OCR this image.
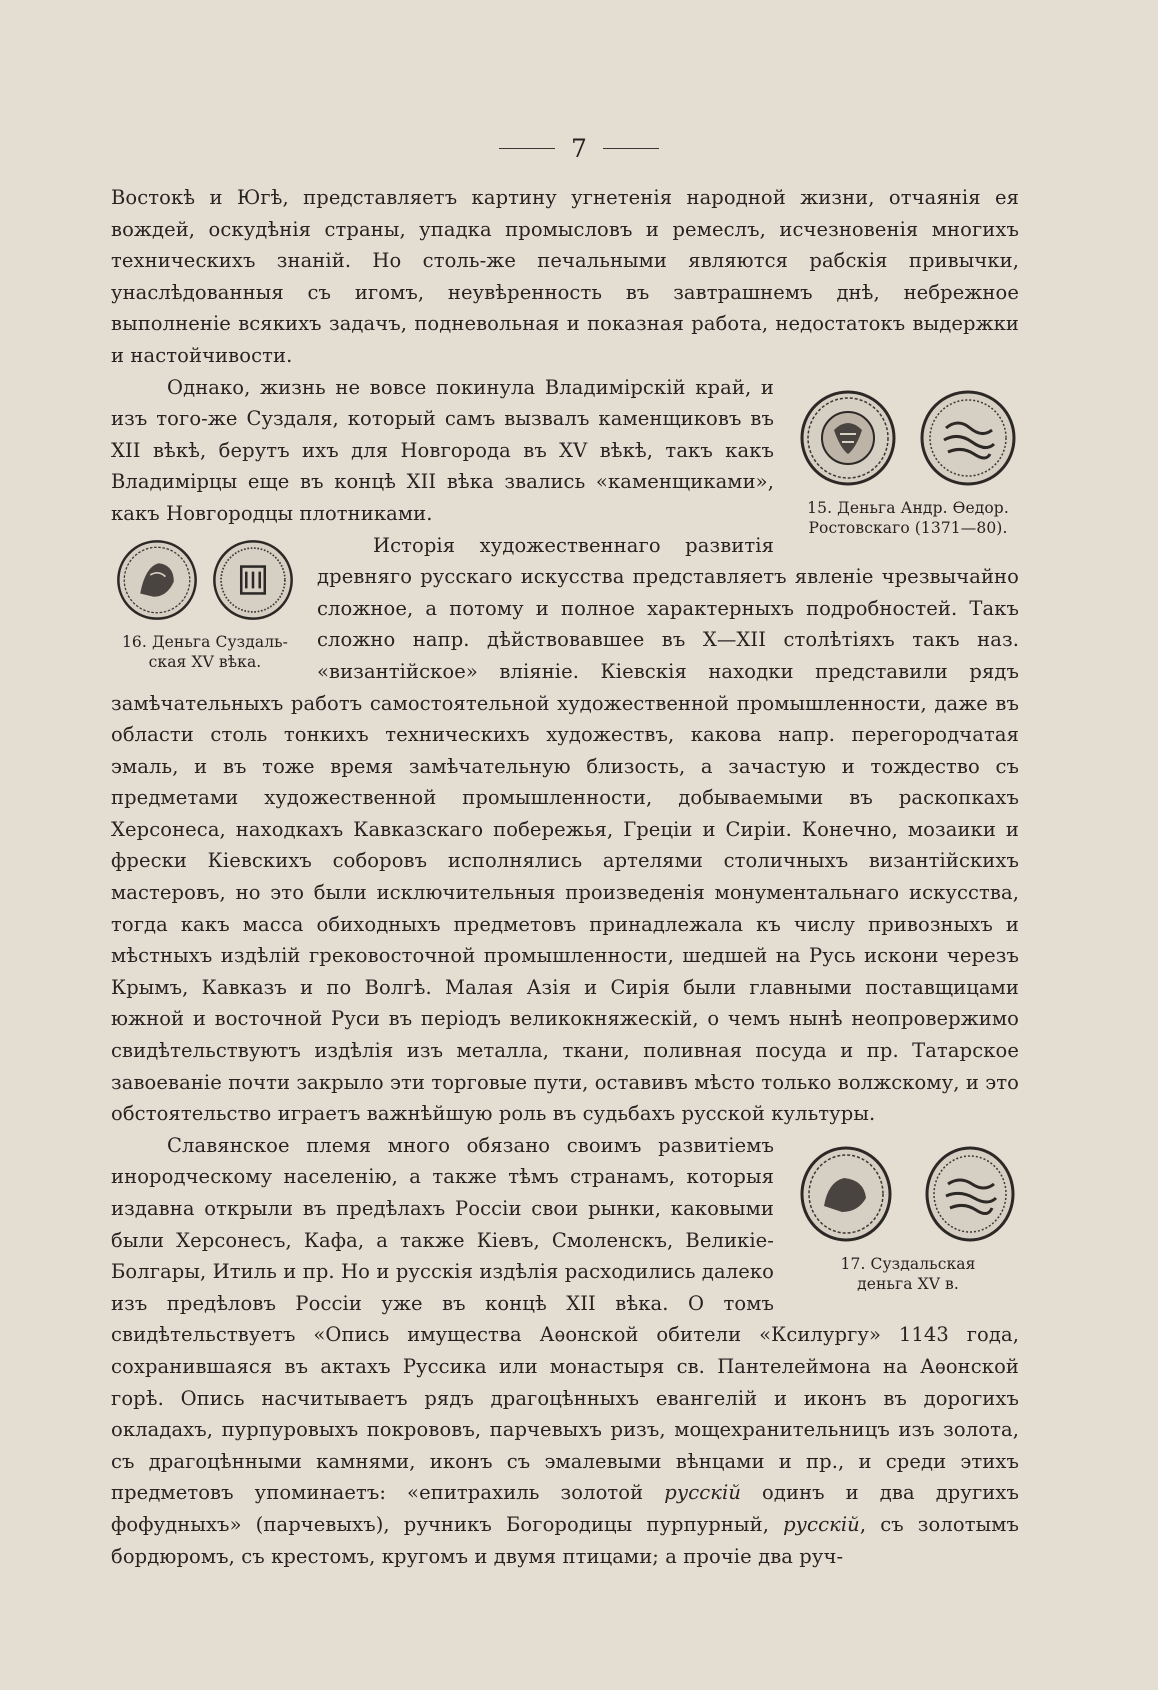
7

Востокѣ и Югѣ, представляетъ картину угнетенія народной жизни, отчаянія ея вождей, оскудѣнія страны, упадка промысловъ и ремеслъ, исчезновенія многихъ техническихъ знаній. Но столь-же печальными являются рабскія привычки, унаслѣдованныя съ игомъ, неувѣренность въ завтрашнемъ днѣ, небрежное выполненіе всякихъ задачъ, подневольная и показная работа, недостатокъ выдержки и настойчивости.

15. Деньга Андр. Ѳедор.
Ростовскаго (1371—80).

Однако, жизнь не вовсе покинула Владимірскій край, и изъ того-же Суздаля, который самъ вызвалъ каменщиковъ въ XII вѣкѣ, берутъ ихъ для Новгорода въ XV вѣкѣ, такъ какъ Владимірцы еще въ концѣ XII вѣка звались «каменщиками», какъ Новгородцы плотниками.

16. Деньга Суздаль-
ская XV вѣка.

Исторія художественнаго развитія древняго русскаго искусства представляетъ явленіе чрезвычайно сложное, а потому и полное характерныхъ подробностей. Такъ сложно напр. дѣйствовавшее въ X—XII столѣтіяхъ такъ наз. «византійское» вліяніе. Кіевскія находки представили рядъ замѣчательныхъ работъ самостоятельной художественной промышленности, даже въ области столь тонкихъ техническихъ художествъ, какова напр. перегородчатая эмаль, и въ тоже время замѣчательную близость, а зачастую и тождество съ предметами художественной промышленности, добываемыми въ раскопкахъ Херсонеса, находкахъ Кавказскаго побережья, Греціи и Сиріи. Конечно, мозаики и фрески Кіевскихъ соборовъ исполнялись артелями столичныхъ византійскихъ мастеровъ, но это были исключительныя произведенія монументальнаго искусства, тогда какъ масса обиходныхъ предметовъ принадлежала къ числу привозныхъ и мѣстныхъ издѣлій грековосточной промышленности, шедшей на Русь искони черезъ Крымъ, Кавказъ и по Волгѣ. Малая Азія и Сирія были главными поставщицами южной и восточной Руси въ періодъ великокняжескій, о чемъ нынѣ неопровержимо свидѣтельствуютъ издѣлія изъ металла, ткани, поливная посуда и пр. Татарское завоеваніе почти закрыло эти торговые пути, оставивъ мѣсто только волжскому, и это обстоятельство играетъ важнѣйшую роль въ судьбахъ русской культуры.

17. Суздальская
деньга XV в.

Славянское племя много обязано своимъ развитіемъ инородческому населенію, а также тѣмъ странамъ, которыя издавна открыли въ предѣлахъ Россіи свои рынки, каковыми были Херсонесъ, Кафа, а также Кіевъ, Смоленскъ, Великіе-Болгары, Итиль и пр. Но и русскія издѣлія расходились далеко изъ предѣловъ Россіи уже въ концѣ XII вѣка. О томъ свидѣтельствуетъ «Опись имущества Аѳонской обители «Ксилургу» 1143 года, сохранившаяся въ актахъ Руссика или монастыря св. Пантелеймона на Аѳонской горѣ. Опись насчитываетъ рядъ драгоцѣнныхъ евангелій и иконъ въ дорогихъ окладахъ, пурпуровыхъ покрововъ, парчевыхъ ризъ, мощехранительницъ изъ золота, съ драгоцѣнными камнями, иконъ съ эмалевыми вѣнцами и пр., и среди этихъ предметовъ упоминаетъ: «епитрахиль золотой русскій одинъ и два другихъ фофудныхъ» (парчевыхъ), ручникъ Богородицы пурпурный, русскій, съ золотымъ бордюромъ, съ крестомъ, кругомъ и двумя птицами; а прочіе два руч-
